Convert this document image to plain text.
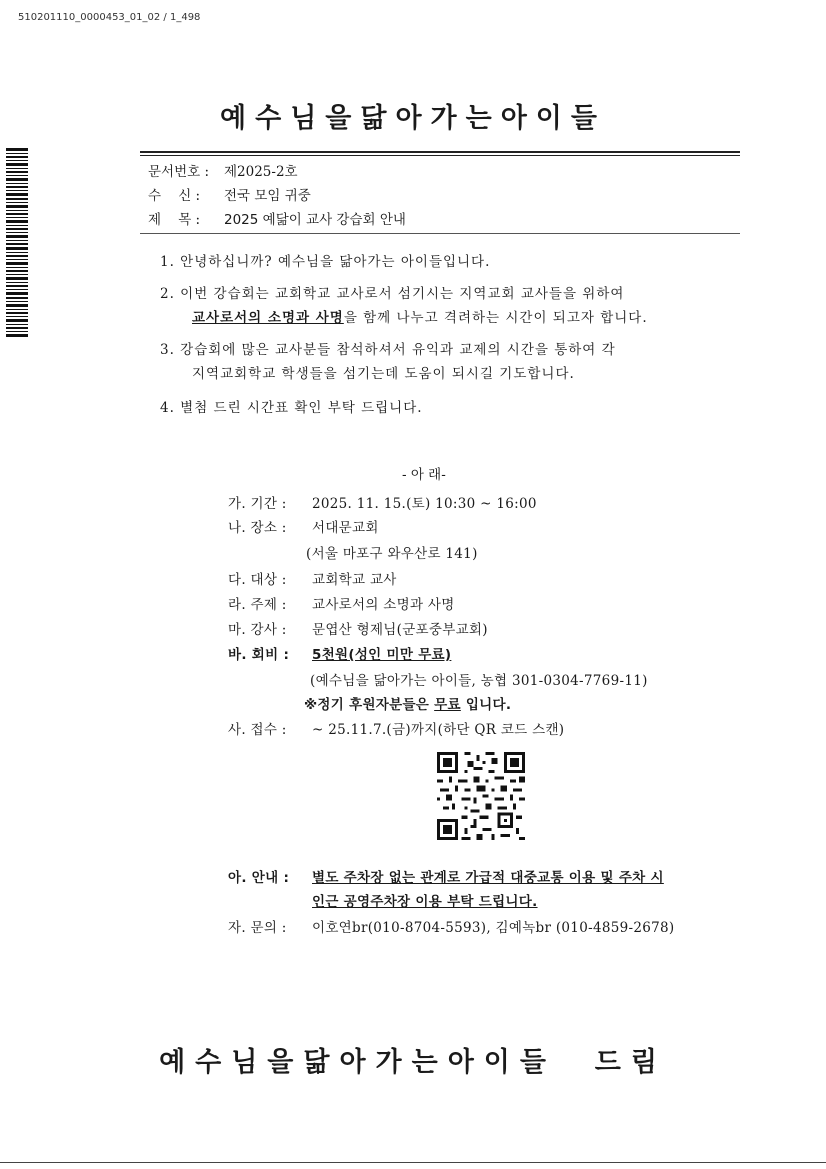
510201110_0000453_01_02 / 1_498
예수님을닮아가는아이들
문서번호 : 제2025-2호
수    신 : 전국 모임 귀중
제    목 : 2025 예닮이 교사 강습회 안내
1. 안녕하십니까? 예수님을 닮아가는 아이들입니다.
2. 이번 강습회는 교회학교 교사로서 섬기시는 지역교회 교사들을 위하여
교사로서의 소명과 사명을 함께 나누고 격려하는 시간이 되고자 합니다.
3. 강습회에 많은 교사분들 참석하셔서 유익과 교제의 시간을 통하여 각
지역교회학교 학생들을 섬기는데 도움이 되시길 기도합니다.
4. 별첨 드린 시간표 확인 부탁 드립니다.
- 아 래-
가. 기간 : 2025. 11. 15.(토) 10:30 ~ 16:00
나. 장소 : 서대문교회
(서울 마포구 와우산로 141)
다. 대상 : 교회학교 교사
라. 주제 : 교사로서의 소명과 사명
마. 강사 : 문엽산 형제님(군포중부교회)
바. 회비 : 5천원(성인 미만 무료)
(예수님을 닮아가는 아이들, 농협 301-0304-7769-11)
※정기 후원자분들은 무료 입니다.
사. 접수 : ~ 25.11.7.(금)까지(하단 QR 코드 스캔)
아. 안내 : 별도 주차장 없는 관계로 가급적 대중교통 이용 및 주차 시
인근 공영주차장 이용 부탁 드립니다.
자. 문의 : 이호연br(010-8704-5593), 김예녹br (010-4859-2678)
예수님을닮아가는아이들  드림
